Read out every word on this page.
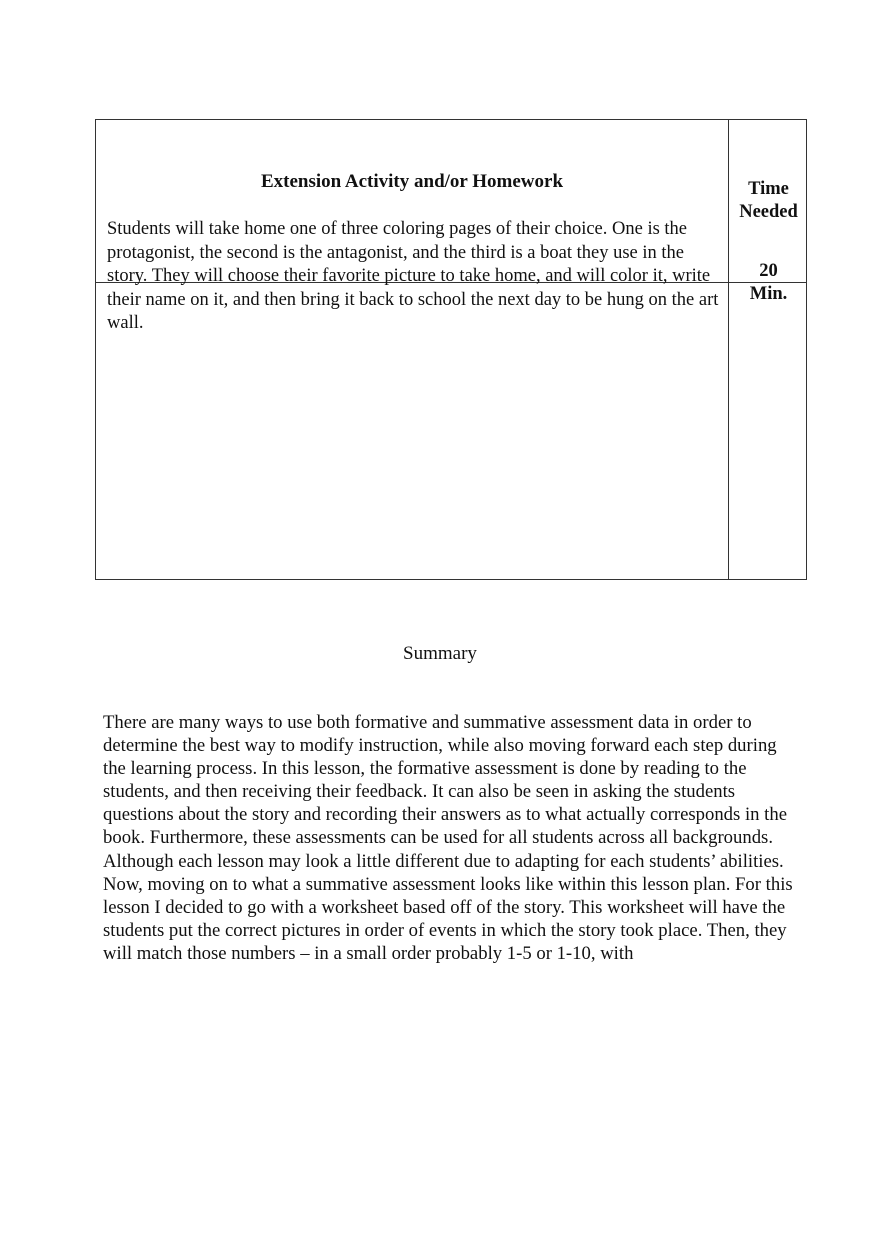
Extension Activity and/or Homework
Students will take home one of three coloring pages of their choice. One is the protagonist, the second is the antagonist, and the third is a boat they use in the story. They will choose their favorite picture to take home, and will color it, write their name on it, and then bring it back to school the next day to be hung on the art wall.
Time Needed
20
Min.
Summary
There are many ways to use both formative and summative assessment data in order to determine the best way to modify instruction, while also moving forward each step during the learning process. In this lesson, the formative assessment is done by reading to the students, and then receiving their feedback. It can also be seen in asking the students questions about the story and recording their answers as to what actually corresponds in the book. Furthermore, these assessments can be used for all students across all backgrounds. Although each lesson may look a little different due to adapting for each students’ abilities. Now, moving on to what a summative assessment looks like within this lesson plan. For this lesson I decided to go with a worksheet based off of the story. This worksheet will have the students put the correct pictures in order of events in which the story took place. Then, they will match those numbers – in a small order probably 1-5 or 1-10, with
